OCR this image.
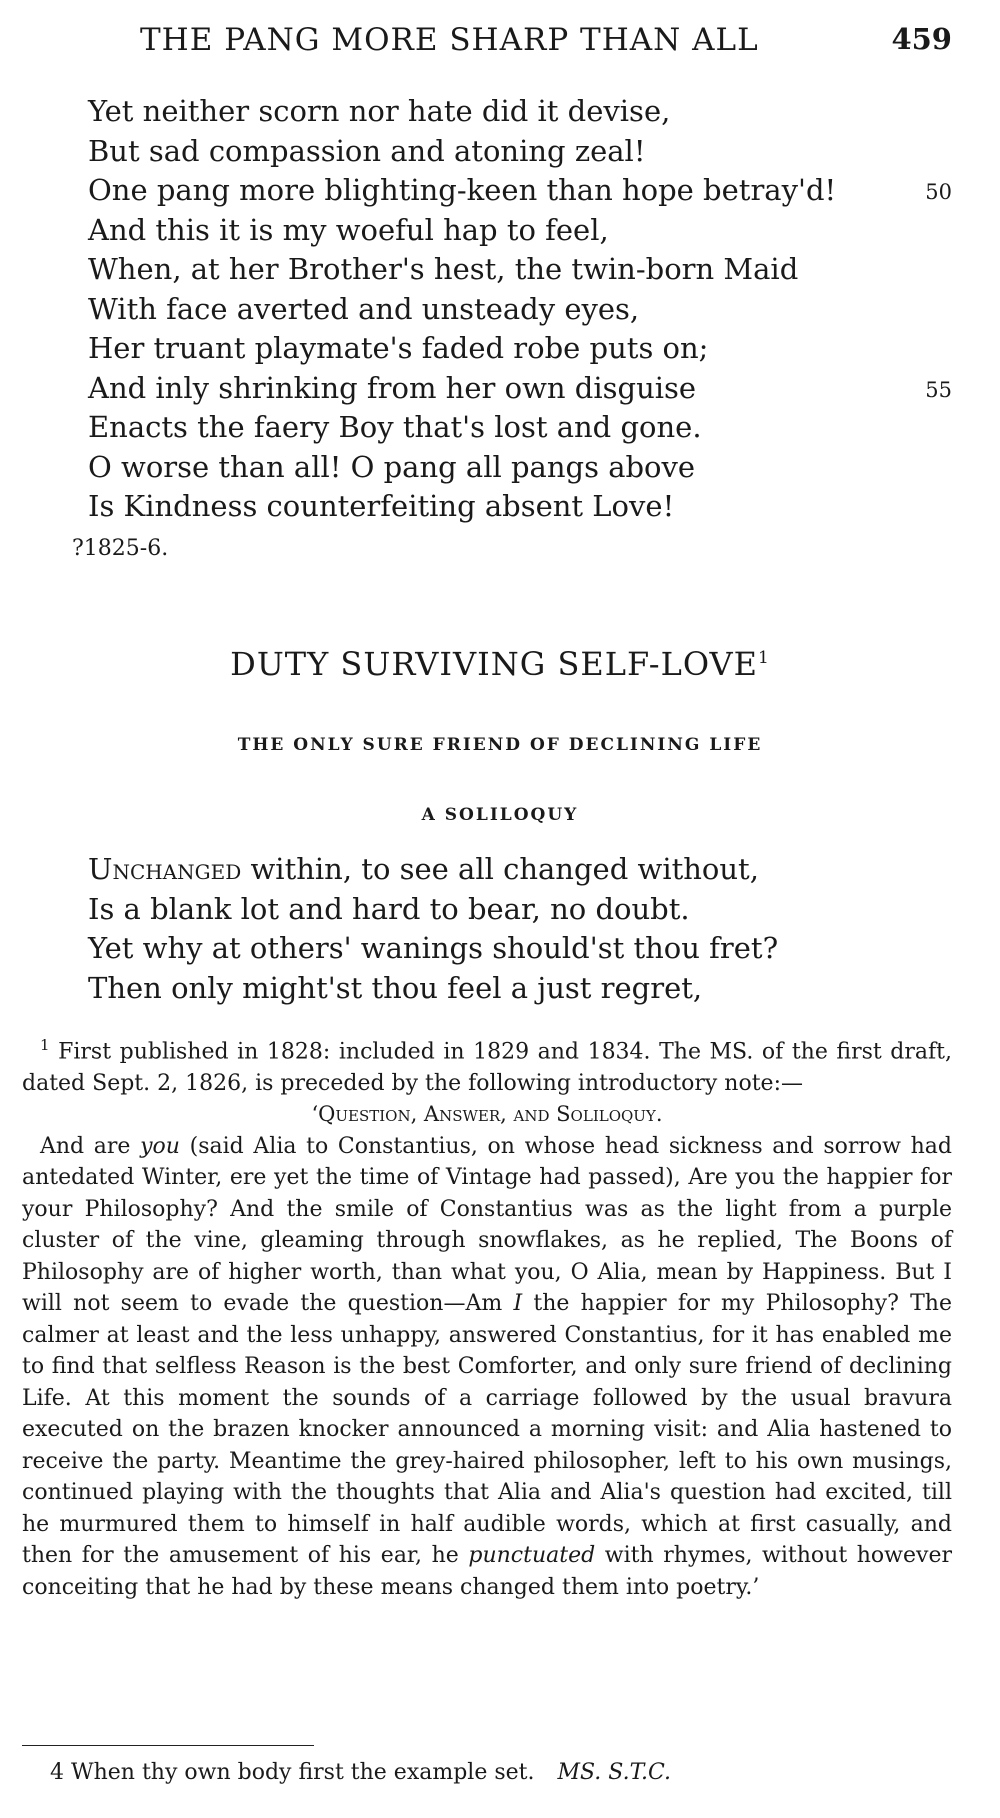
THE PANG MORE SHARP THAN ALL	459
Yet neither scorn nor hate did it devise,
But sad compassion and atoning zeal!
One pang more blighting-keen than hope betray'd!	50
And this it is my woeful hap to feel,
When, at her Brother's hest, the twin-born Maid
With face averted and unsteady eyes,
Her truant playmate's faded robe puts on;
And inly shrinking from her own disguise	55
Enacts the faery Boy that's lost and gone.
O worse than all! O pang all pangs above
Is Kindness counterfeiting absent Love!
?1825-6.
DUTY SURVIVING SELF-LOVE$^1$
THE ONLY SURE FRIEND OF DECLINING LIFE
A SOLILOQUY
Unchanged within, to see all changed without,
Is a blank lot and hard to bear, no doubt.
Yet why at others' wanings should'st thou fret?
Then only might'st thou feel a just regret,

$^1$ First published in 1828: included in 1829 and 1834. The MS. of the first draft, dated Sept. 2, 1826, is preceded by the following introductory note:—

‘Question, Answer, and Soliloquy.

And are you (said Alia to Constantius, on whose head sickness and sorrow had antedated Winter, ere yet the time of Vintage had passed), Are you the happier for your Philosophy? And the smile of Constantius was as the light from a purple cluster of the vine, gleaming through snowflakes, as he replied, The Boons of Philosophy are of higher worth, than what you, O Alia, mean by Happiness. But I will not seem to evade the question—Am I the happier for my Philosophy? The calmer at least and the less unhappy, answered Constantius, for it has enabled me to find that selfless Reason is the best Comforter, and only sure friend of declining Life. At this moment the sounds of a carriage followed by the usual bravura executed on the brazen knocker announced a morning visit: and Alia hastened to receive the party. Meantime the grey-haired philosopher, left to his own musings, continued playing with the thoughts that Alia and Alia's question had excited, till he murmured them to himself in half audible words, which at first casually, and then for the amusement of his ear, he punctuated with rhymes, without however conceiting that he had by these means changed them into poetry.’

4 When thy own body first the example set. MS. S.T.C.
